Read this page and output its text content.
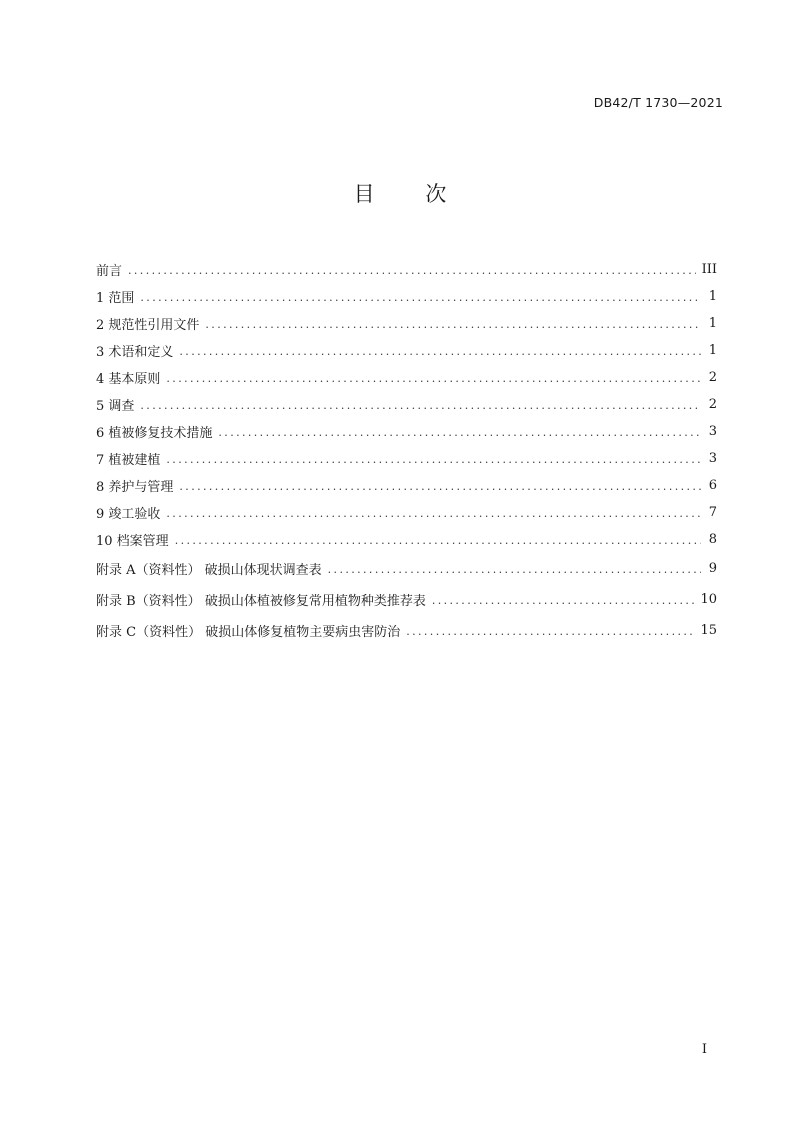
DB42/T 1730—2021
目 次
前言 .....	III
1 范围 .....	1
2 规范性引用文件 .....	1
3 术语和定义 .....	1
4 基本原则 .....	2
5 调查 .....	2
6 植被修复技术措施 .....	3
7 植被建植 .....	3
8 养护与管理 .....	6
9 竣工验收 .....	7
10 档案管理 .....	8
附录 A（资料性） 破损山体现状调查表 .....	9
附录 B（资料性） 破损山体植被修复常用植物种类推荐表 .....	10
附录 C（资料性） 破损山体修复植物主要病虫害防治 .....	15
I
